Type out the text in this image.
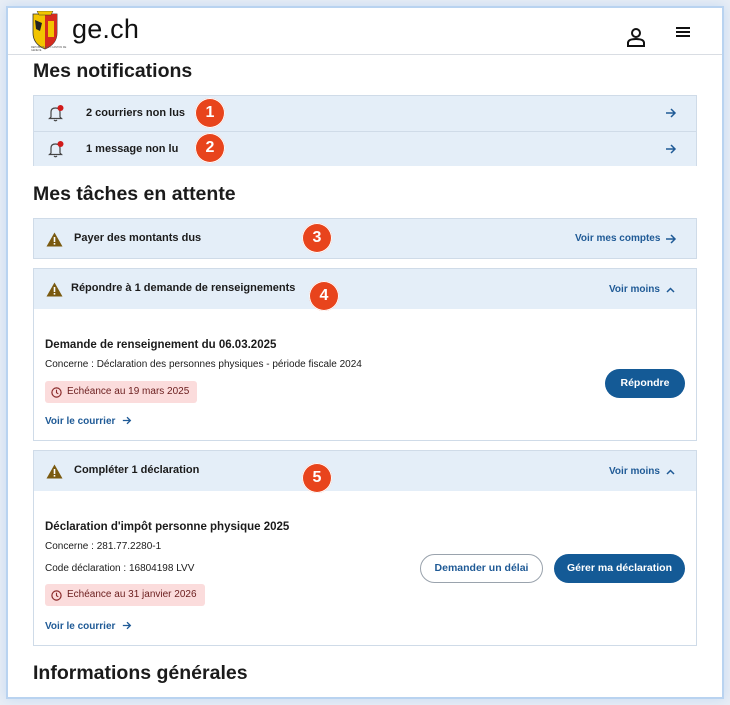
REPUBLIQUE ET CANTON DE GENEVE
ge.ch
Mes notifications
2 courriers non lus
1 message non lu
1
2
Mes tâches en attente
Payer des montants dus	Voir mes comptes
3
Répondre à 1 demande de renseignements	Voir moins
Demande de renseignement du 06.03.2025
Concerne : Déclaration des personnes physiques - période fiscale 2024
Echéance au 19 mars 2025
Voir le courrier
Répondre
4
Compléter 1 déclaration	Voir moins
Déclaration d'impôt personne physique 2025
Concerne : 281.77.2280-1
Code déclaration : 16804198 LVV
Echéance au 31 janvier 2026
Voir le courrier
Demander un délai	Gérer ma déclaration
5
Informations générales
